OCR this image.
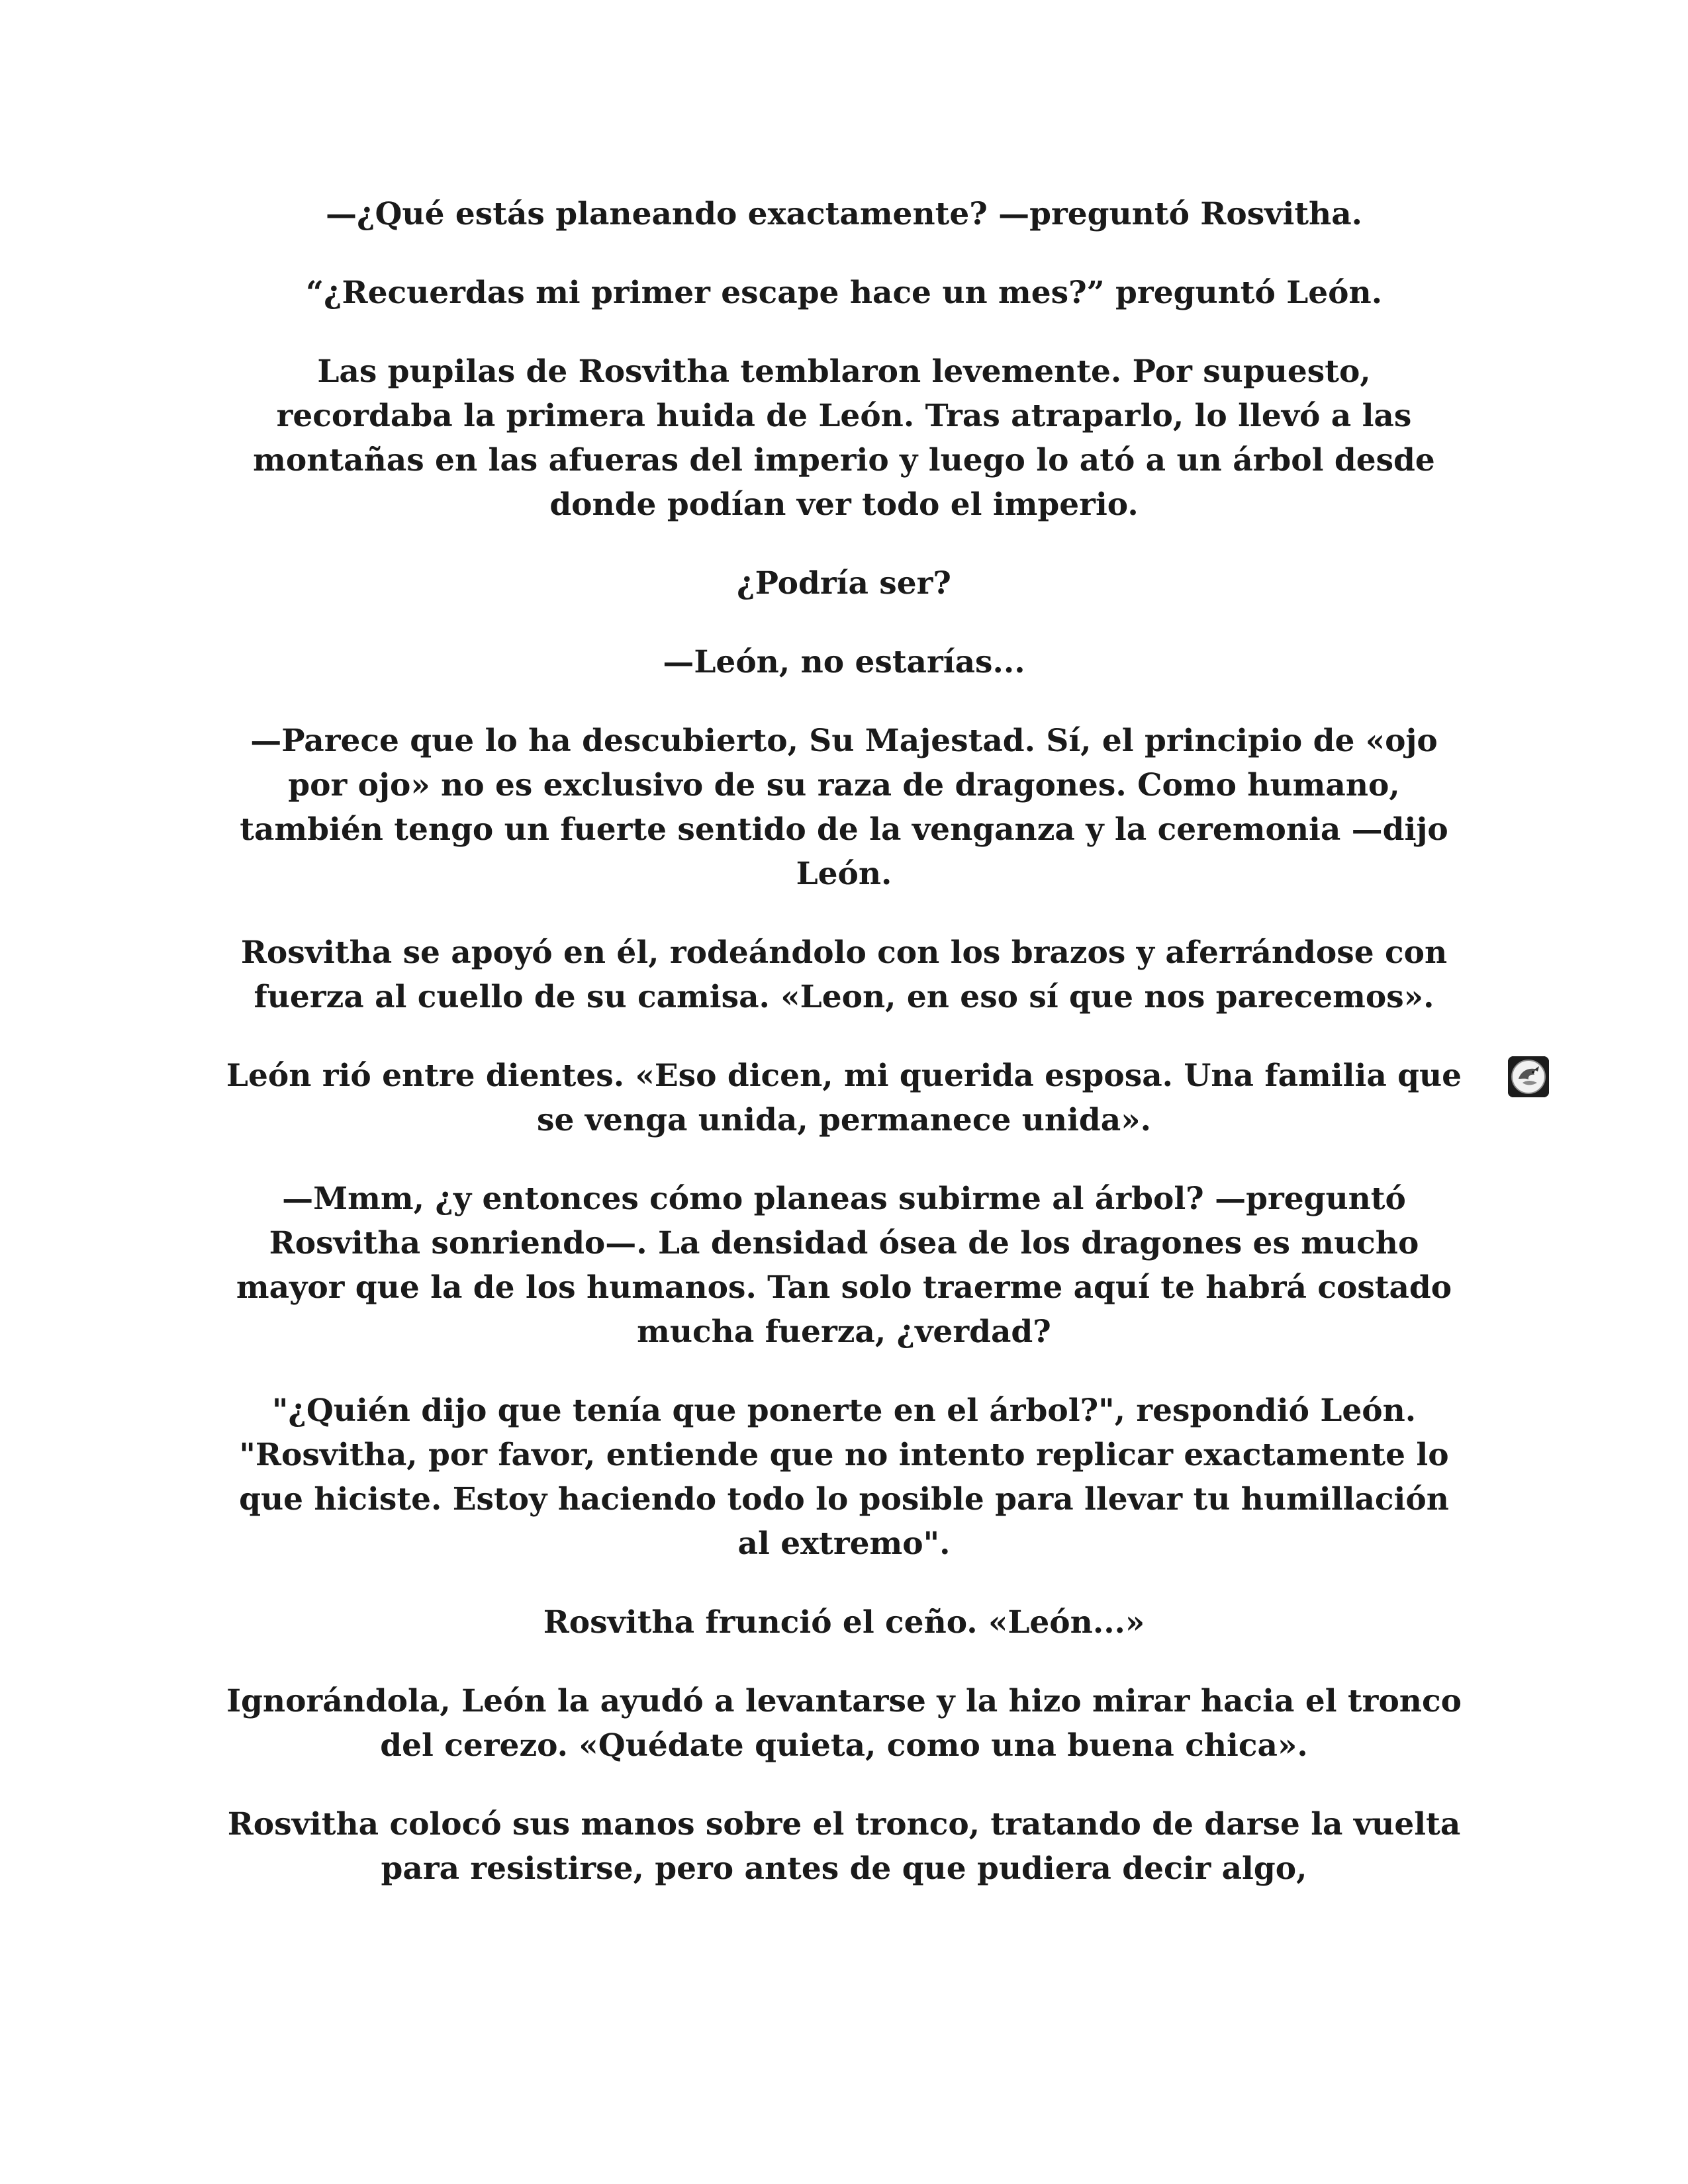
—¿Qué estás planeando exactamente? —preguntó Rosvitha.

“¿Recuerdas mi primer escape hace un mes?” preguntó León.

Las pupilas de Rosvitha temblaron levemente. Por supuesto, recordaba la primera huida de León. Tras atraparlo, lo llevó a las montañas en las afueras del imperio y luego lo ató a un árbol desde donde podían ver todo el imperio.

¿Podría ser?

—León, no estarías...

—Parece que lo ha descubierto, Su Majestad. Sí, el principio de «ojo por ojo» no es exclusivo de su raza de dragones. Como humano, también tengo un fuerte sentido de la venganza y la ceremonia —dijo León.

Rosvitha se apoyó en él, rodeándolo con los brazos y aferrándose con fuerza al cuello de su camisa. «Leon, en eso sí que nos parecemos».

León rió entre dientes. «Eso dicen, mi querida esposa. Una familia que se venga unida, permanece unida».

—Mmm, ¿y entonces cómo planeas subirme al árbol? —preguntó Rosvitha sonriendo—. La densidad ósea de los dragones es mucho mayor que la de los humanos. Tan solo traerme aquí te habrá costado mucha fuerza, ¿verdad?

"¿Quién dijo que tenía que ponerte en el árbol?", respondió León. "Rosvitha, por favor, entiende que no intento replicar exactamente lo que hiciste. Estoy haciendo todo lo posible para llevar tu humillación al extremo".

Rosvitha frunció el ceño. «León...»

Ignorándola, León la ayudó a levantarse y la hizo mirar hacia el tronco del cerezo. «Quédate quieta, como una buena chica».

Rosvitha colocó sus manos sobre el tronco, tratando de darse la vuelta para resistirse, pero antes de que pudiera decir algo,
